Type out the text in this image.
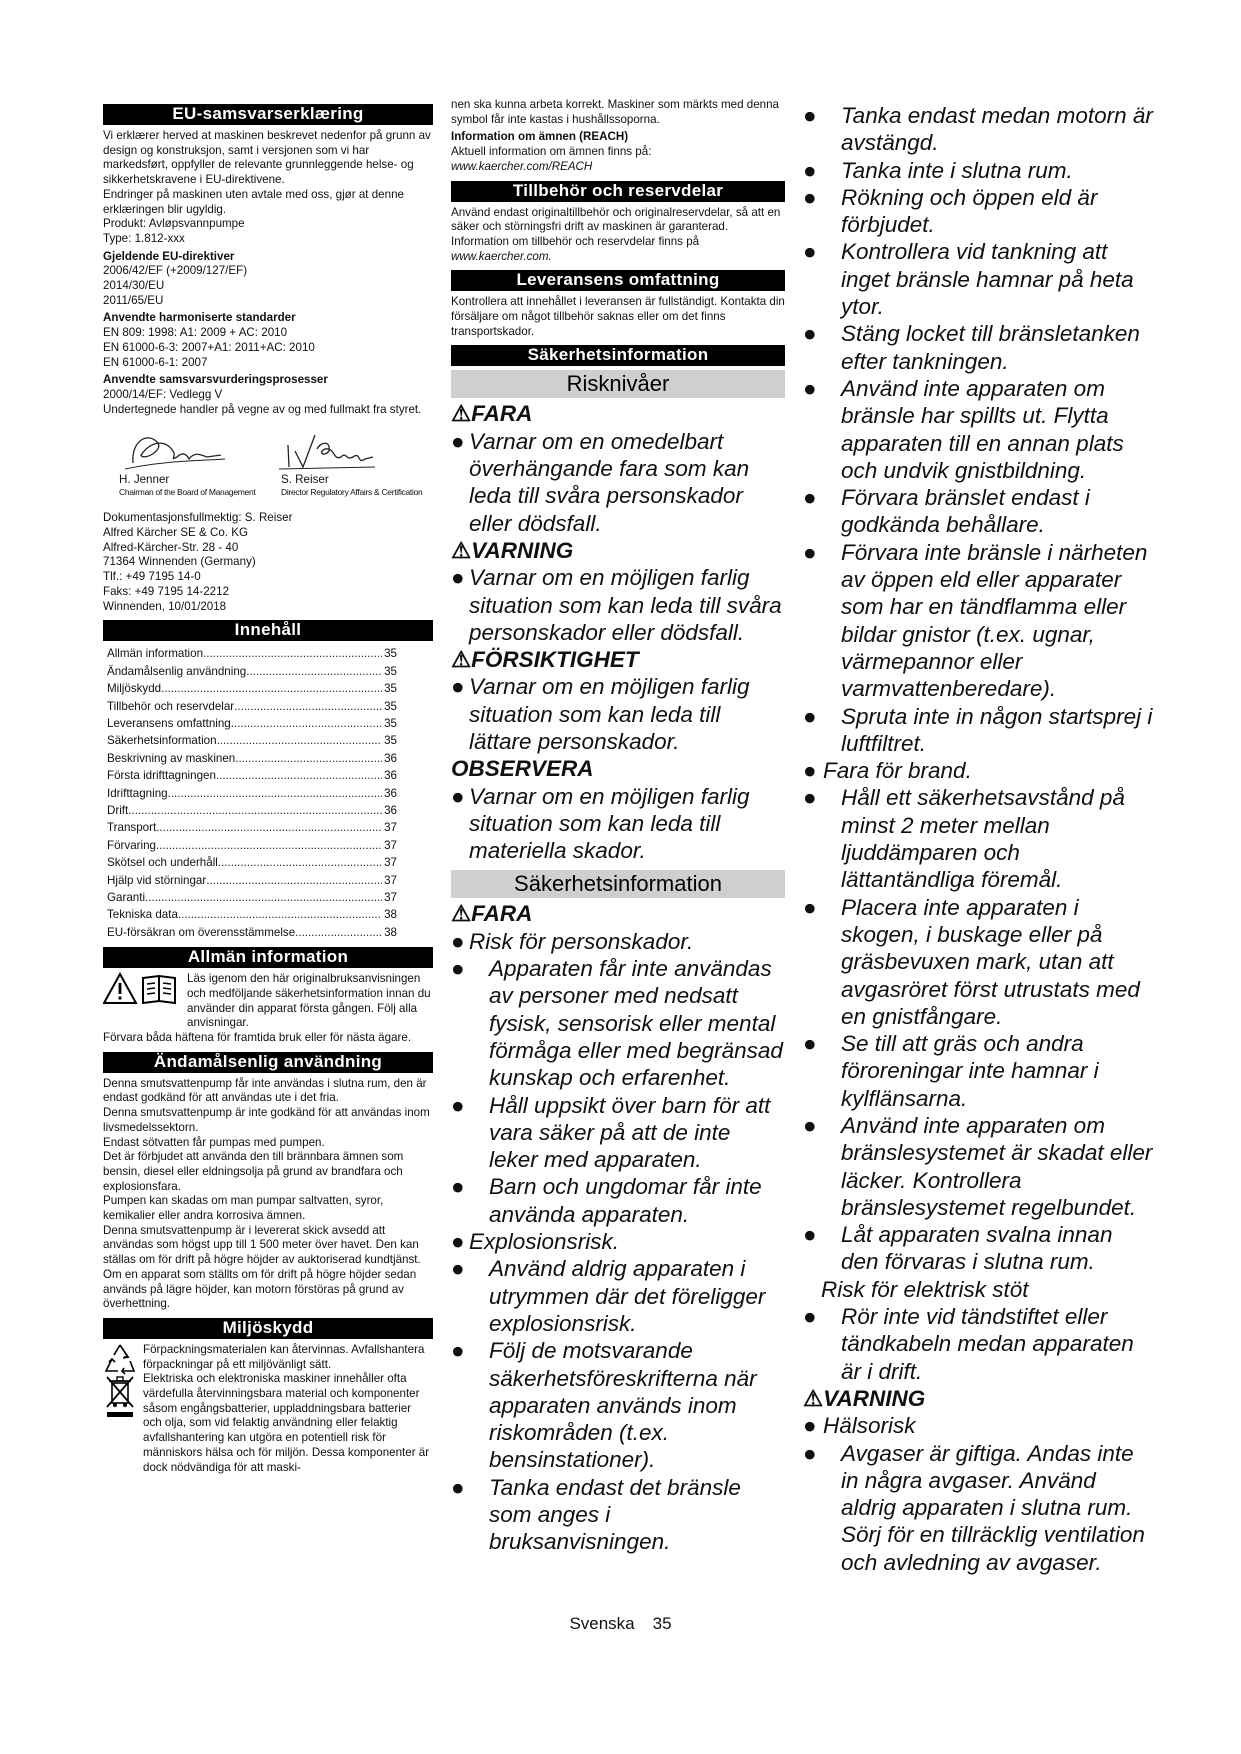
EU-samsvarserklæring
Vi erklærer herved at maskinen beskrevet nedenfor på grunn av design og konstruksjon, samt i versjonen som vi har markedsført, oppfyller de relevante grunnleggende helse- og sikkerhetskravene i EU-direktivene.
Endringer på maskinen uten avtale med oss, gjør at denne erklæringen blir ugyldig.
Produkt: Avløpsvannpumpe
Type: 1.812-xxx
Gjeldende EU-direktiver
2006/42/EF (+2009/127/EF)
2014/30/EU
2011/65/EU
Anvendte harmoniserte standarder
EN 809: 1998: A1: 2009 + AC: 2010
EN 61000-6-3: 2007+A1: 2011+AC: 2010
EN 61000-6-1: 2007
Anvendte samsvarsvurderingsprosesser
2000/14/EF: Vedlegg V
Undertegnede handler på vegne av og med fullmakt fra styret.
H. Jenner	S. Reiser
Chairman of the Board of Management	Director Regulatory Affairs & Certification
Dokumentasjonsfullmektig: S. Reiser
Alfred Kärcher SE & Co. KG
Alfred-Kärcher-Str. 28 - 40
71364 Winnenden (Germany)
Tlf.: +49 7195 14-0
Faks: +49 7195 14-2212
Winnenden, 10/01/2018
Innehåll
Allmän information .....	35
Ändamålsenlig användning .....	35
Miljöskydd .....	35
Tillbehör och reservdelar .....	35
Leveransens omfattning .....	35
Säkerhetsinformation .....	35
Beskrivning av maskinen .....	36
Första idrifttagningen .....	36
Idrifttagning .....	36
Drift .....	36
Transport .....	37
Förvaring .....	37
Skötsel och underhåll .....	37
Hjälp vid störningar .....	37
Garanti .....	37
Tekniska data .....	38
EU-försäkran om överensstämmelse .....	38
Allmän information
Läs igenom den här originalbruksanvisningen och medföljande säkerhetsinformation innan du använder din apparat första gången. Följ alla anvisningar.
Förvara båda häftena för framtida bruk eller för nästa ägare.
Ändamålsenlig användning
Denna smutsvattenpump får inte användas i slutna rum, den är endast godkänd för att användas ute i det fria.
Denna smutsvattenpump är inte godkänd för att användas inom livsmedelssektorn.
Endast sötvatten får pumpas med pumpen.
Det är förbjudet att använda den till brännbara ämnen som bensin, diesel eller eldningsolja på grund av brandfara och explosionsfara.
Pumpen kan skadas om man pumpar saltvatten, syror, kemikalier eller andra korrosiva ämnen.
Denna smutsvattenpump är i levererat skick avsedd att användas som högst upp till 1 500 meter över havet. Den kan ställas om för drift på högre höjder av auktoriserad kundtjänst.
Om en apparat som ställts om för drift på högre höjder sedan används på lägre höjder, kan motorn förstöras på grund av överhettning.
Miljöskydd
Förpackningsmaterialen kan återvinnas. Avfallshantera förpackningar på ett miljövänligt sätt.
Elektriska och elektroniska maskiner innehåller ofta värdefulla återvinningsbara material och komponenter såsom engångsbatterier, uppladdningsbara batterier och olja, som vid felaktig användning eller felaktig avfallshantering kan utgöra en potentiell risk för människors hälsa och för miljön. Dessa komponenter är dock nödvändiga för att maski-
nen ska kunna arbeta korrekt. Maskiner som märkts med denna symbol får inte kastas i hushållssoporna.
Information om ämnen (REACH)
Aktuell information om ämnen finns på: www.kaercher.com/REACH
Tillbehör och reservdelar
Använd endast originaltillbehör och originalreservdelar, så att en säker och störningsfri drift av maskinen är garanterad.
Information om tillbehör och reservdelar finns på www.kaercher.com.
Leveransens omfattning
Kontrollera att innehållet i leveransen är fullständigt. Kontakta din försäljare om något tillbehör saknas eller om det finns transportskador.
Säkerhetsinformation
Risknivåer
⚠FARA
● Varnar om en omedelbart överhängande fara som kan leda till svåra personskador eller dödsfall.
⚠VARNING
● Varnar om en möjligen farlig situation som kan leda till svåra personskador eller dödsfall.
⚠FÖRSIKTIGHET
● Varnar om en möjligen farlig situation som kan leda till lättare personskador.
OBSERVERA
● Varnar om en möjligen farlig situation som kan leda till materiella skador.
Säkerhetsinformation
⚠FARA
● Risk för personskador.
●	Apparaten får inte användas av personer med nedsatt fysisk, sensorisk eller mental förmåga eller med begränsad kunskap och erfarenhet.
●	Håll uppsikt över barn för att vara säker på att de inte leker med apparaten.
●	Barn och ungdomar får inte använda apparaten.
● Explosionsrisk.
●	Använd aldrig apparaten i utrymmen där det föreligger explosionsrisk.
●	Följ de motsvarande säkerhetsföreskrifterna när apparaten används inom riskområden (t.ex. bensinstationer).
●	Tanka endast det bränsle som anges i bruksanvisningen.
●	Tanka endast medan motorn är avstängd.
●	Tanka inte i slutna rum.
●	Rökning och öppen eld är förbjudet.
●	Kontrollera vid tankning att inget bränsle hamnar på heta ytor.
●	Stäng locket till bränsletanken efter tankningen.
●	Använd inte apparaten om bränsle har spillts ut. Flytta apparaten till en annan plats och undvik gnistbildning.
●	Förvara bränslet endast i godkända behållare.
●	Förvara inte bränsle i närheten av öppen eld eller apparater som har en tändflamma eller bildar gnistor (t.ex. ugnar, värmepannor eller varmvattenberedare).
●	Spruta inte in någon startsprej i luftfiltret.
● Fara för brand.
●	Håll ett säkerhetsavstånd på minst 2 meter mellan ljuddämparen och lättantändliga föremål.
●	Placera inte apparaten i skogen, i buskage eller på gräsbevuxen mark, utan att avgasröret först utrustats med en gnistfångare.
●	Se till att gräs och andra föroreningar inte hamnar i kylflänsarna.
●	Använd inte apparaten om bränslesystemet är skadat eller läcker. Kontrollera bränslesystemet regelbundet.
●	Låt apparaten svalna innan den förvaras i slutna rum.
Risk för elektrisk stöt
●	Rör inte vid tändstiftet eller tändkabeln medan apparaten är i drift.
⚠VARNING
● Hälsorisk
●	Avgaser är giftiga. Andas inte in några avgaser. Använd aldrig apparaten i slutna rum. Sörj för en tillräcklig ventilation och avledning av avgaser.
Svenska 35
